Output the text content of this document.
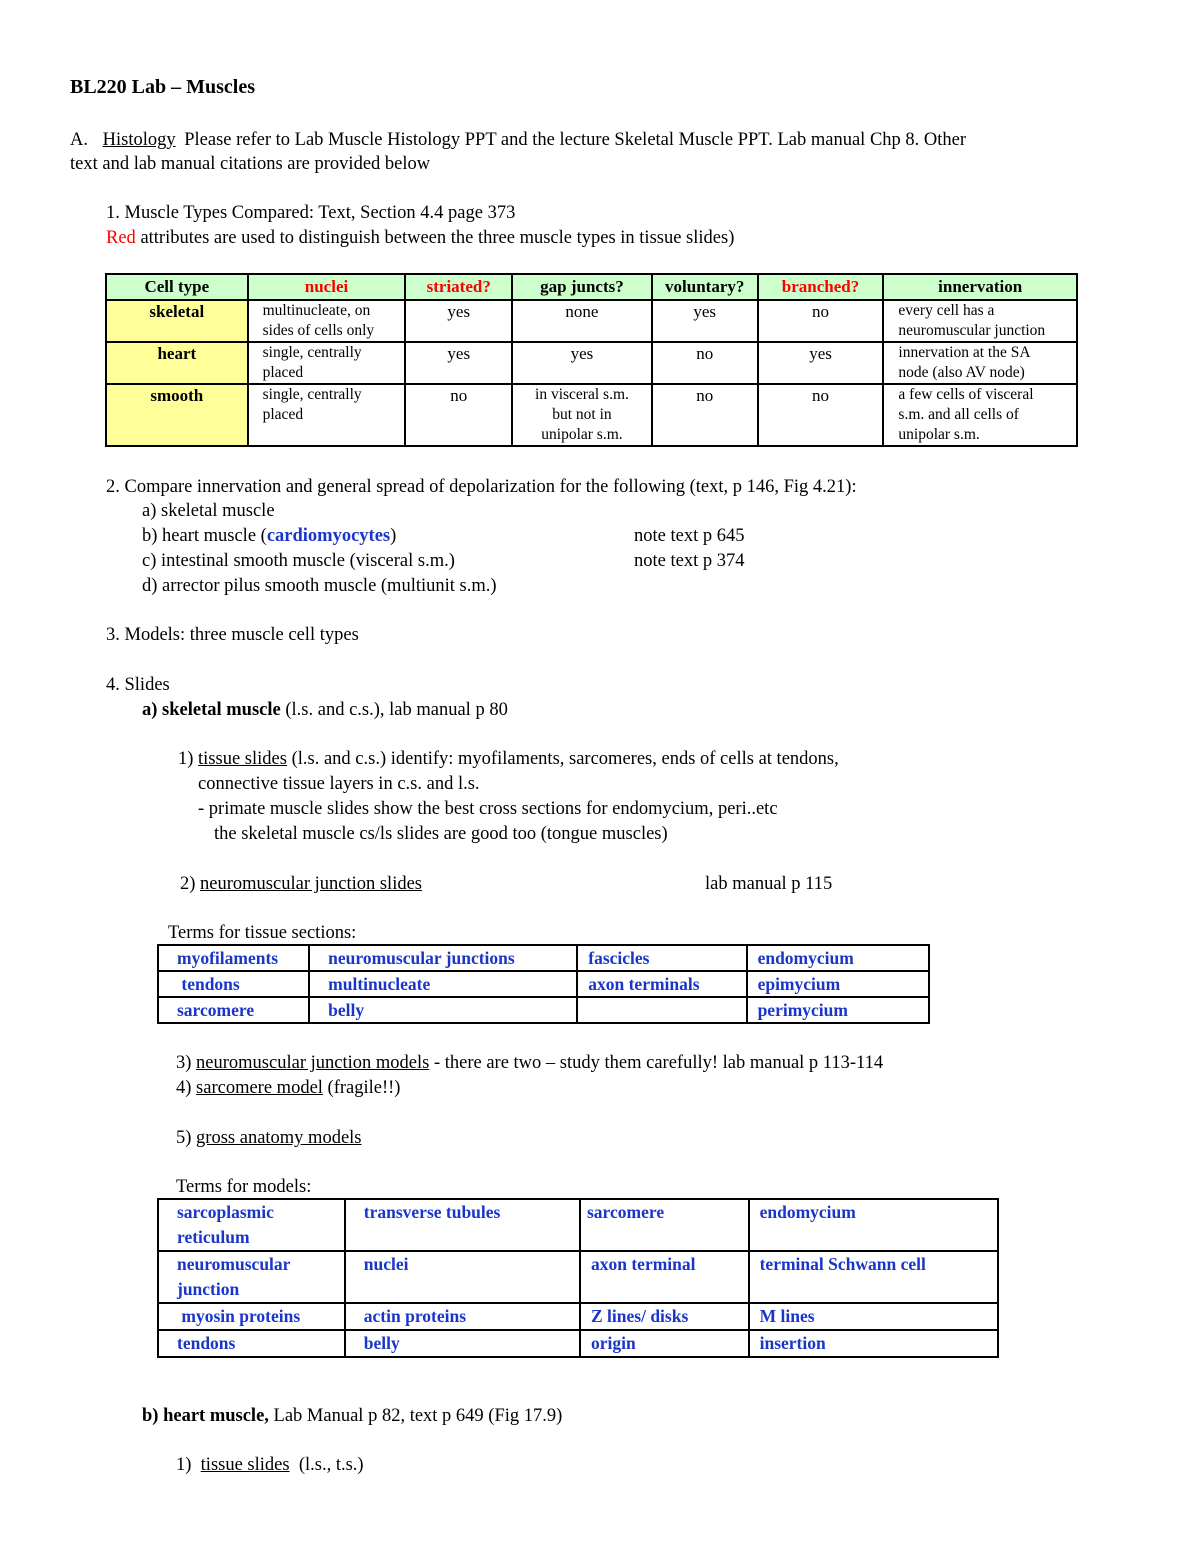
BL220 Lab – Muscles
A. Histology Please refer to Lab Muscle Histology PPT and the lecture Skeletal Muscle PPT. Lab manual Chp 8. Other
text and lab manual citations are provided below
1. Muscle Types Compared: Text, Section 4.4 page 373
Red attributes are used to distinguish between the three muscle types in tissue slides)
Cell type	nuclei	striated?	gap juncts?	voluntary?	branched?	innervation
skeletal	multinucleate, on sides of cells only	yes	none	yes	no	every cell has a neuromuscular junction
heart	single, centrally placed	yes	yes	no	yes	innervation at the SA node (also AV node)
smooth	single, centrally placed	no	in visceral s.m. but not in unipolar s.m.	no	no	a few cells of visceral s.m. and all cells of unipolar s.m.
2. Compare innervation and general spread of depolarization for the following (text, p 146, Fig 4.21):
a) skeletal muscle
b) heart muscle (cardiomyocytes)	note text p 645
c) intestinal smooth muscle (visceral s.m.)	note text p 374
d) arrector pilus smooth muscle (multiunit s.m.)
3. Models: three muscle cell types
4. Slides
a) skeletal muscle (l.s. and c.s.), lab manual p 80
1) tissue slides (l.s. and c.s.) identify: myofilaments, sarcomeres, ends of cells at tendons,
connective tissue layers in c.s. and l.s.
- primate muscle slides show the best cross sections for endomycium, peri..etc
the skeletal muscle cs/ls slides are good too (tongue muscles)
2) neuromuscular junction slides	lab manual p 115
Terms for tissue sections:
myofilaments	neuromuscular junctions	fascicles	endomycium
tendons	multinucleate	axon terminals	epimycium
sarcomere	belly		perimycium
3) neuromuscular junction models - there are two – study them carefully! lab manual p 113-114
4) sarcomere model (fragile!!)
5) gross anatomy models
Terms for models:
sarcoplasmic reticulum	transverse tubules	sarcomere	endomycium
neuromuscular junction	nuclei	axon terminal	terminal Schwann cell
myosin proteins	actin proteins	Z lines/ disks	M lines
tendons	belly	origin	insertion
b) heart muscle, Lab Manual p 82, text p 649 (Fig 17.9)
1)  tissue slides  (l.s., t.s.)
